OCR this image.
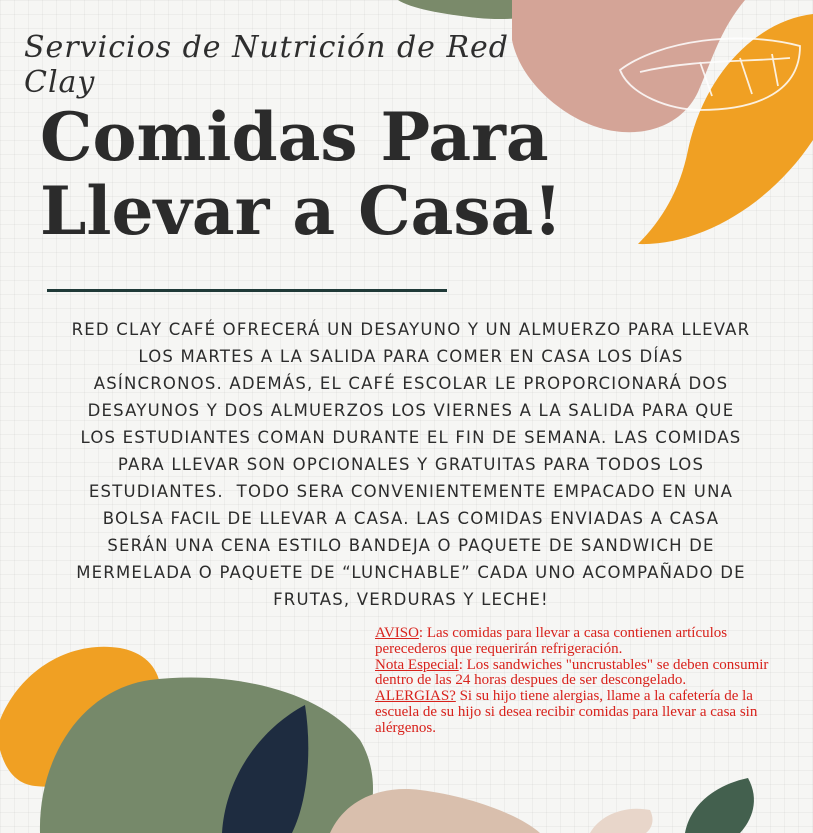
Servicios de Nutrición de Red Clay
Comidas Para
Llevar a Casa!
RED CLAY CAFÉ OFRECERÁ UN DESAYUNO Y UN ALMUERZO PARA LLEVAR
LOS MARTES A LA SALIDA PARA COMER EN CASA LOS DÍAS
ASÍNCRONOS. ADEMÁS, EL CAFÉ ESCOLAR LE PROPORCIONARÁ DOS
DESAYUNOS Y DOS ALMUERZOS LOS VIERNES A LA SALIDA PARA QUE
LOS ESTUDIANTES COMAN DURANTE EL FIN DE SEMANA. LAS COMIDAS
PARA LLEVAR SON OPCIONALES Y GRATUITAS PARA TODOS LOS
ESTUDIANTES.  TODO SERA CONVENIENTEMENTE EMPACADO EN UNA
BOLSA FACIL DE LLEVAR A CASA. LAS COMIDAS ENVIADAS A CASA
SERÁN UNA CENA ESTILO BANDEJA O PAQUETE DE SANDWICH DE
MERMELADA O PAQUETE DE “LUNCHABLE” CADA UNO ACOMPAÑADO DE
FRUTAS, VERDURAS Y LECHE!

AVISO: Las comidas para llevar a casa contienen artículos perecederos que requerirán refrigeración.

Nota Especial: Los sandwiches "uncrustables" se deben consumir dentro de las 24 horas despues de ser descongelado.

ALERGIAS? Si su hijo tiene alergias, llame a la cafetería de la escuela de su hijo si desea recibir comidas para llevar a casa sin alérgenos.
